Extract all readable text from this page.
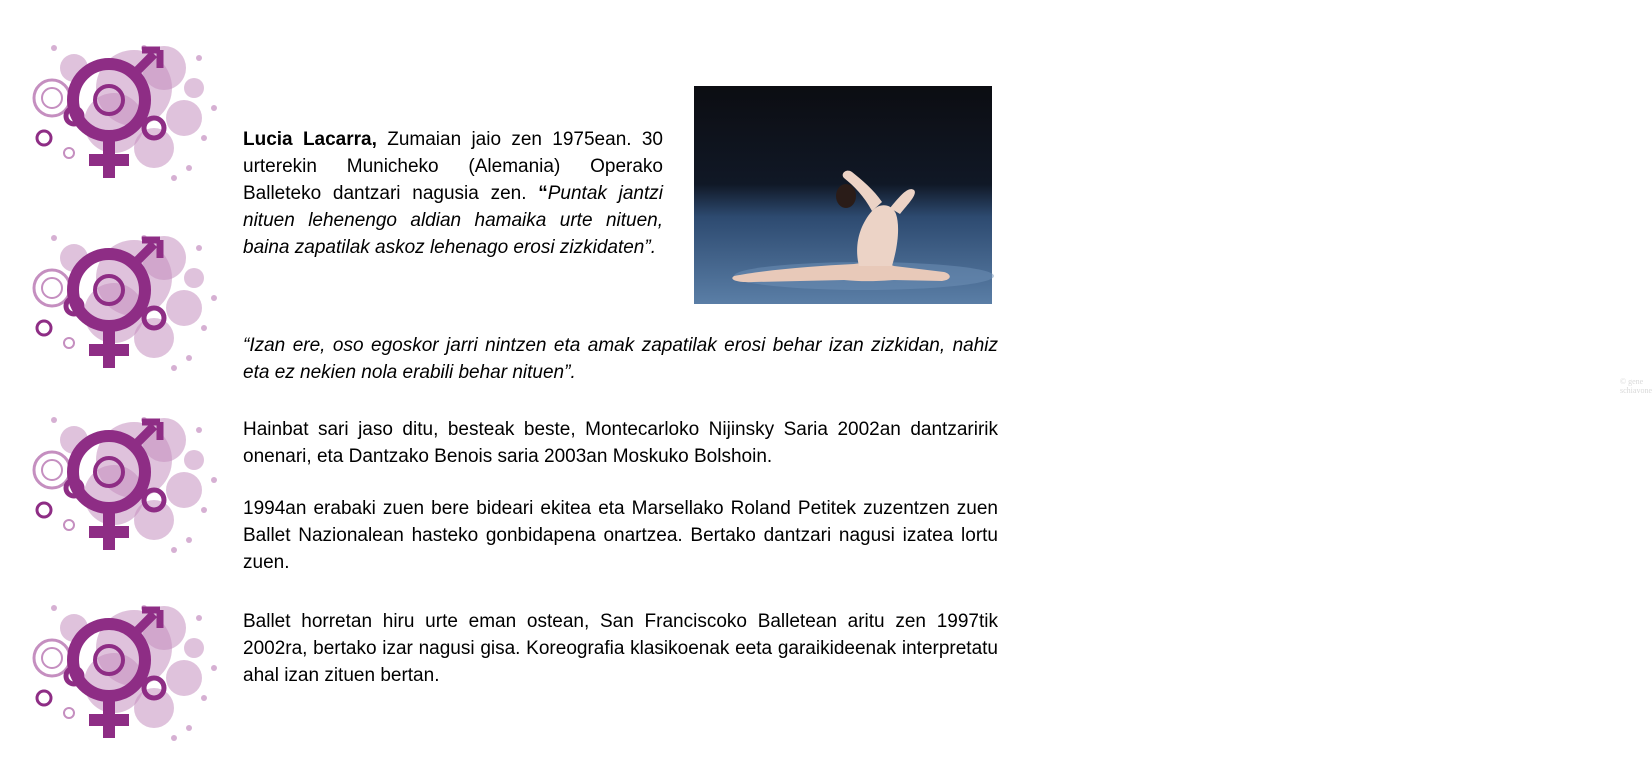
© gene schiavone

Lucia Lacarra, Zumaian jaio zen 1975ean. 30 urterekin Municheko (Alemania) Operako Balleteko dantzari nagusia zen. “Puntak jantzi nituen lehenengo aldian hamaika urte nituen, baina zapatilak askoz lehenago erosi zizkidaten”.

“Izan ere, oso egoskor jarri nintzen eta amak zapatilak erosi behar izan zizkidan, nahiz eta ez nekien nola erabili behar nituen”.

Hainbat sari jaso ditu, besteak beste, Montecarloko Nijinsky Saria 2002an dantzaririk onenari, eta Dantzako Benois saria 2003an Moskuko Bolshoin.

1994an erabaki zuen bere bideari ekitea eta Marsellako Roland Petitek zuzentzen zuen Ballet Nazionalean hasteko gonbidapena onartzea. Bertako dantzari nagusi izatea lortu zuen.

Ballet horretan hiru urte eman ostean, San Franciscoko Balletean aritu zen 1997tik 2002ra, bertako izar nagusi gisa. Koreografia klasikoenak eeta garaikideenak interpretatu ahal izan zituen bertan.
